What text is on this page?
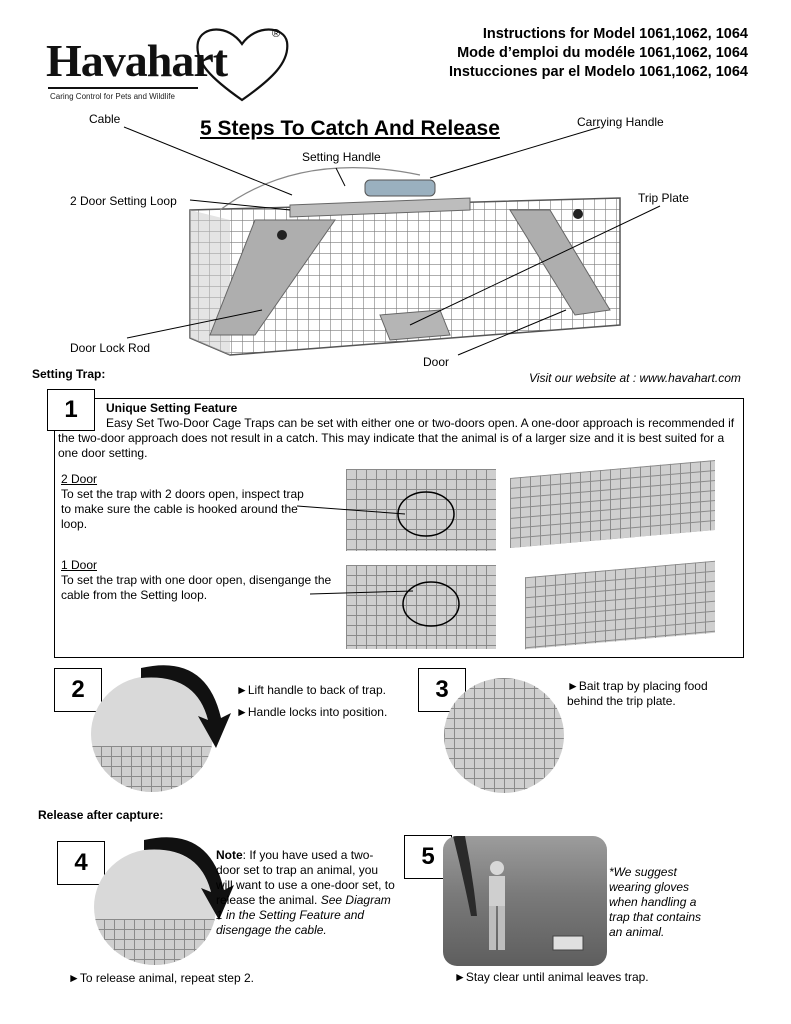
Havahart
®
Caring Control for Pets and Wildlife
Instructions for Model 1061,1062, 1064
Mode d’emploi du modéle 1061,1062, 1064
Instucciones par el Modelo 1061,1062, 1064
5 Steps To Catch And Release
Cable	Carrying Handle
Setting Handle
2 Door Setting Loop	Trip Plate
Door Lock Rod
Door
Setting Trap:	Visit our website at : www.havahart.com
1	Unique Setting Feature
Easy Set Two-Door Cage Traps can be set with either one or two-doors open. A one-door approach is recommended if the two-door approach does not result in a catch. This may indicate that the animal is of a larger size and it is best suited for a one door setting.
2 Door
To set the trap with 2 doors open, inspect trap to make sure the cable is hooked around the loop.
1 Door
To set the trap with one door open, disengange the cable from the Setting loop.
2	►Lift handle to back of trap.
►Handle locks into position.
3	►Bait trap by placing food behind the trip plate.
Release after capture:
4	Note: If you have used a two-door set to trap an animal, you will want to use a one-door set, to release the animal. See Diagram 1 in the Setting Feature and disengage the cable.
►To release animal, repeat step 2.
5
*We suggest wearing gloves when handling a trap that contains an animal.
►Stay clear until animal leaves trap.
